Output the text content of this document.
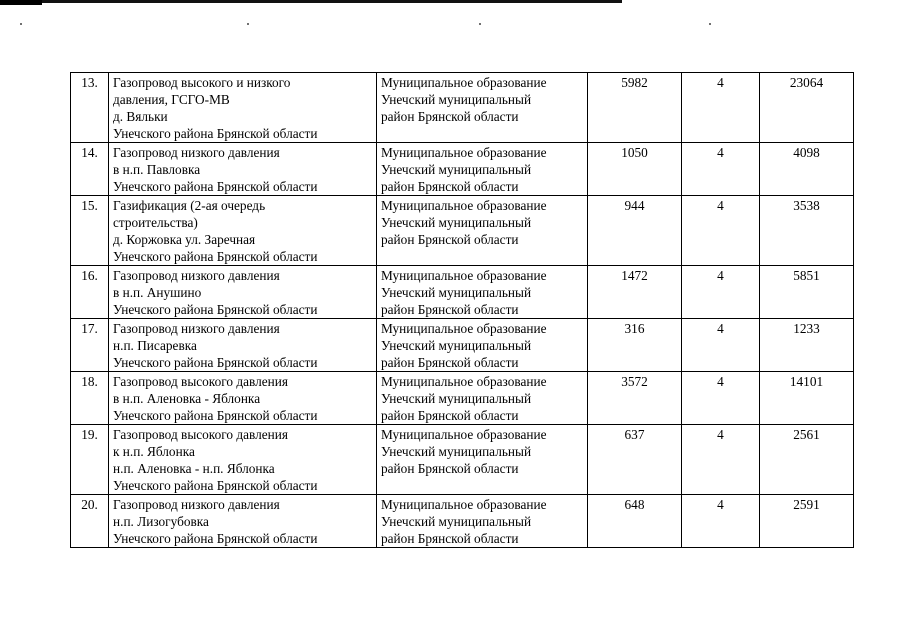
13.	Газопровод высокого и низкого
давления, ГСГО-МВ
д. Вяльки
Унечского района Брянской области	Муниципальное образование
Унечский муниципальный
район Брянской области	5982	4	23064
14.	Газопровод низкого давления
в н.п. Павловка
Унечского района Брянской области	Муниципальное образование
Унечский муниципальный
район Брянской области	1050	4	4098
15.	Газификация (2-ая очередь
строительства)
д. Коржовка ул. Заречная
Унечского района Брянской области	Муниципальное образование
Унечский муниципальный
район Брянской области	944	4	3538
16.	Газопровод низкого давления
в н.п. Анушино
Унечского района Брянской области	Муниципальное образование
Унечский муниципальный
район Брянской области	1472	4	5851
17.	Газопровод низкого давления
н.п. Писаревка
Унечского района Брянской области	Муниципальное образование
Унечский муниципальный
район Брянской области	316	4	1233
18.	Газопровод высокого давления
в н.п. Аленовка - Яблонка
Унечского района Брянской области	Муниципальное образование
Унечский муниципальный
район Брянской области	3572	4	14101
19.	Газопровод высокого давления
к н.п. Яблонка
н.п. Аленовка - н.п. Яблонка
Унечского района Брянской области	Муниципальное образование
Унечский муниципальный
район Брянской области	637	4	2561
20.	Газопровод низкого давления
н.п. Лизогубовка
Унечского района Брянской области	Муниципальное образование
Унечский муниципальный
район Брянской области	648	4	2591
